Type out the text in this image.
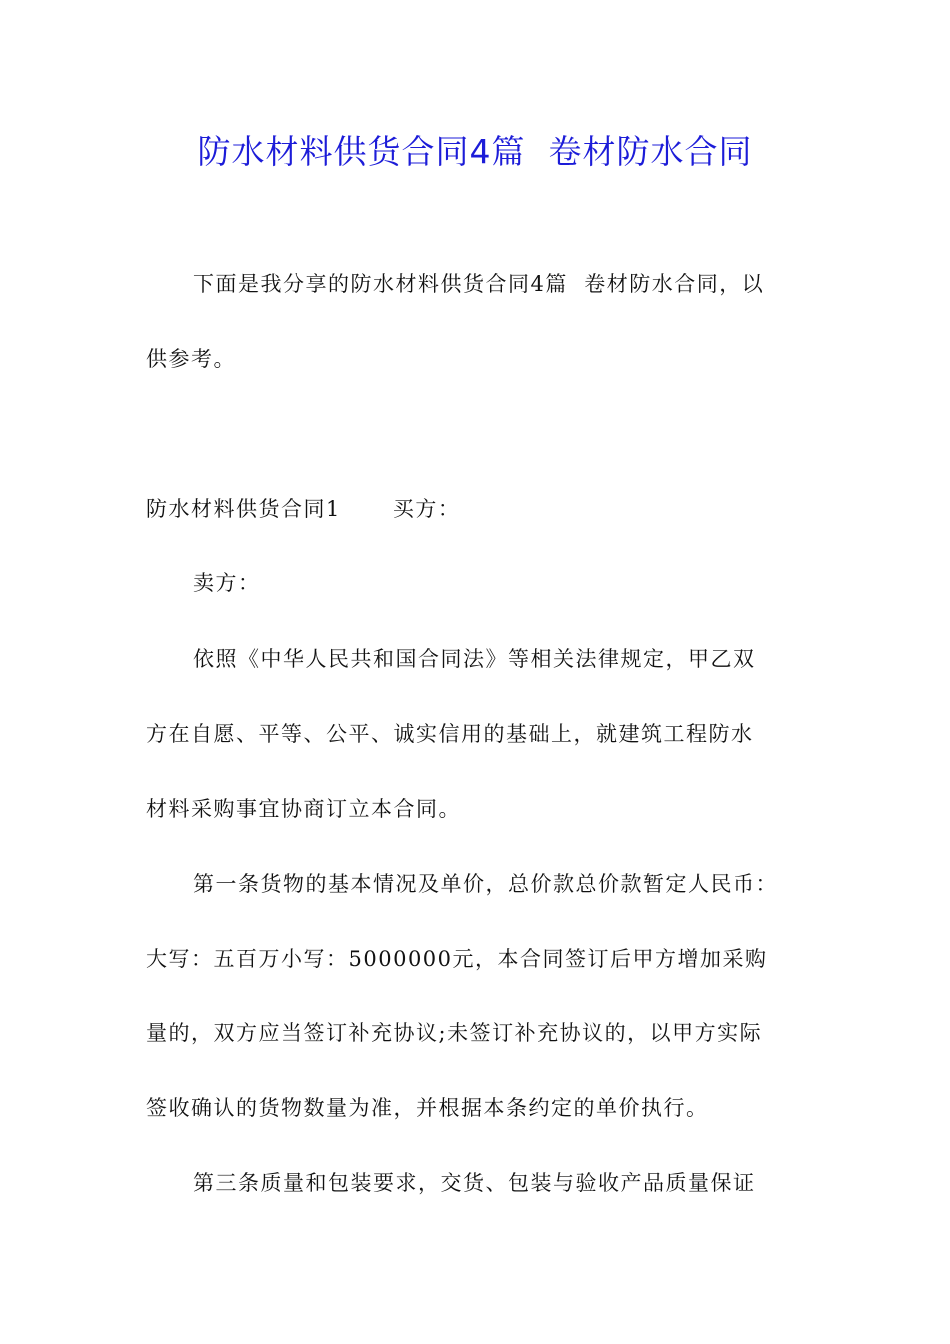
防水材料供货合同4篇  卷材防水合同
下面是我分享的防水材料供货合同4篇  卷材防水合同，以
供参考。
防水材料供货合同1 买方：
卖方：
依照《中华人民共和国合同法》等相关法律规定，甲乙双
方在自愿、平等、公平、诚实信用的基础上，就建筑工程防水
材料采购事宜协商订立本合同。
第一条货物的基本情况及单价，总价款总价款暂定人民币：
大写：五百万小写：5000000元，本合同签订后甲方增加采购
量的，双方应当签订补充协议;未签订补充协议的，以甲方实际
签收确认的货物数量为准，并根据本条约定的单价执行。
第三条质量和包装要求，交货、包装与验收产品质量保证
